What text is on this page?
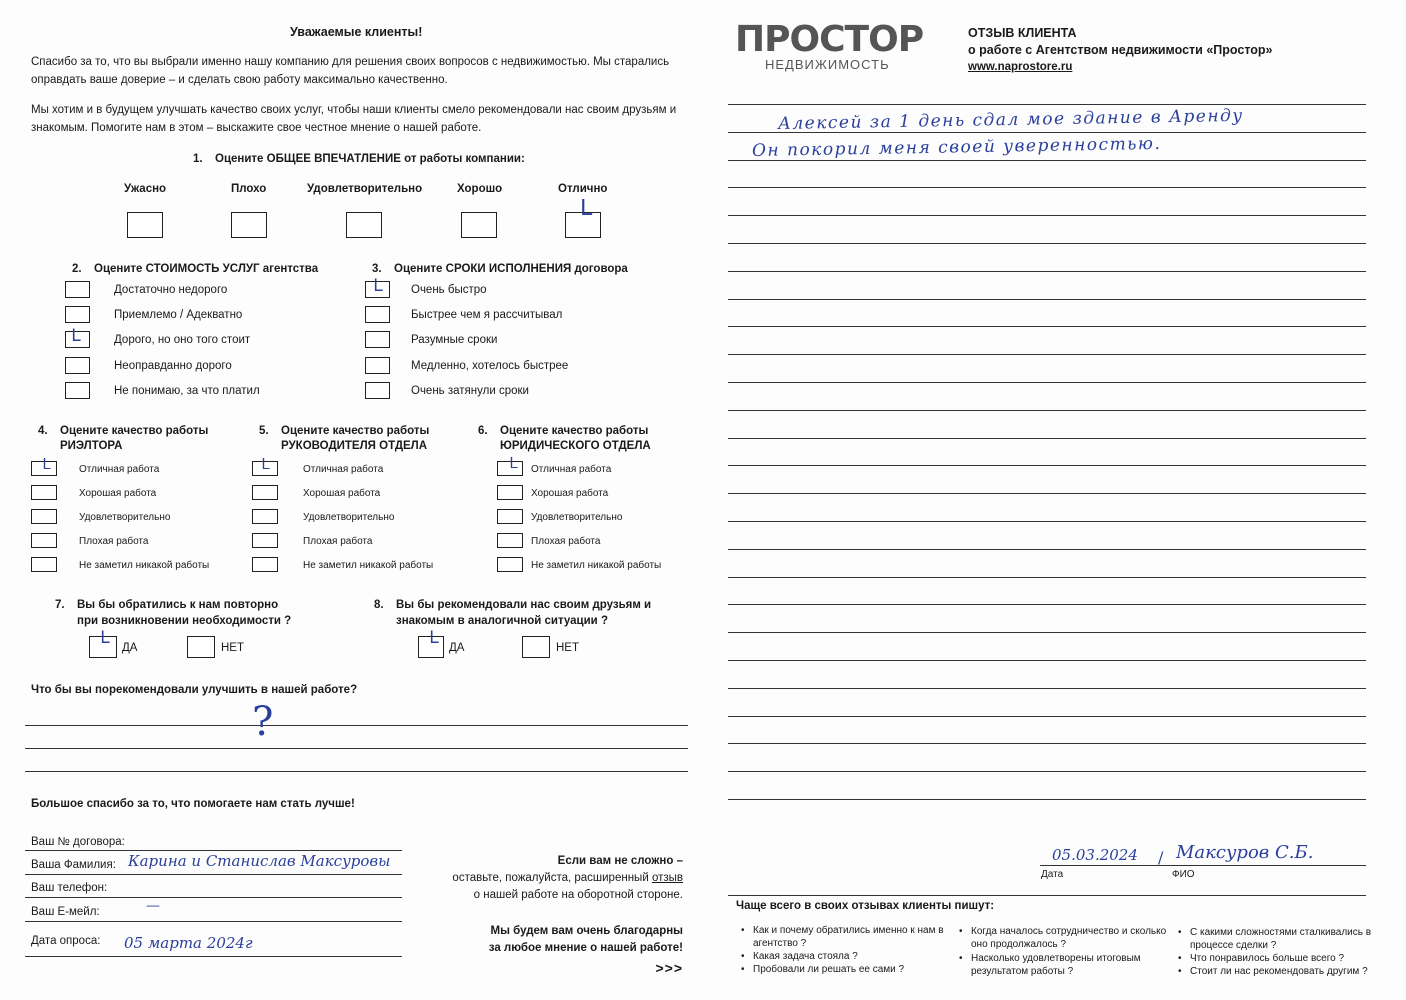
Уважаемые клиенты!
Спасибо за то, что вы выбрали именно нашу компанию для решения своих вопросов с недвижимостью. Мы старались
оправдать ваше доверие – и сделать свою работу максимально качественно.
Мы хотим и в будущем улучшать качество своих услуг, чтобы наши клиенты смело рекомендовали нас своим друзьям и
знакомым. Помогите нам в этом – выскажите свое честное мнение о нашей работе.
1. Оцените ОБЩЕЕ ВПЕЧАТЛЕНИЕ от работы компании:
Ужасно	Плохо	Удовлетворительно	Хорошо	Отлично
ᒪ
2. Оцените СТОИМОСТЬ УСЛУГ агентства
Ꮮ
Достаточно недорого
Приемлемо / Адекватно
Дорого, но оно того стоит
Неоправданно дорого
Не понимаю, за что платил
3. Оцените СРОКИ ИСПОЛНЕНИЯ договора
Ꮮ Очень быстро
Быстрее чем я рассчитывал
Разумные сроки
Медленно, хотелось быстрее
Очень затянули сроки
4. Оцените качество работы
РИЭЛТОРА
Ꮮ	Отличная работа
Хорошая работа
Удовлетворительно
Плохая работа
Не заметил никакой работы
5. Оцените качество работы
РУКОВОДИТЕЛЯ ОТДЕЛА
Ꮮ	Отличная работа
Хорошая работа
Удовлетворительно
Плохая работа
Не заметил никакой работы
6. Оцените качество работы
ЮРИДИЧЕСКОГО ОТДЕЛА
Ꮮ Отличная работа
Хорошая работа
Удовлетворительно
Плохая работа
Не заметил никакой работы
7. Вы бы обратились к нам повторно
при возникновении необходимости ?
Ꮮ ДА	НЕТ
8. Вы бы рекомендовали нас своим друзьям и
знакомым в аналогичной ситуации ?
Ꮮ ДА	НЕТ
Что бы вы порекомендовали улучшить в нашей работе?
?
Большое спасибо за то, что помогаете нам стать лучше!
Ваш № договора:
Ваша Фамилия: Карина и Станислав Максуровы
Ваш телефон:
Ваш Е-мейл:	—
Дата опроса: 05 марта 2024г
Если вам не сложно –
оставьте, пожалуйста, расширенный отзыв
о нашей работе на оборотной стороне.
Мы будем вам очень благодарны
за любое мнение о нашей работе!
>>>
ПРОСТОР
НЕДВИЖИМОСТЬ
ОТЗЫВ КЛИЕНТА
о работе с Агентством недвижимости «Простор»
www.naprostore.ru
Алексей за 1 день сдал мое здание в Аренду
Он покорил меня своей уверенностью.
05.03.2024 / Максуров С.Б.
Дата	ФИО
Чаще всего в своих отзывах клиенты пишут:
• Как и почему обратились именно к нам в
агентство ?
• Какая задача стояла ?
• Пробовали ли решать ее сами ?
• Когда началось сотрудничество и сколько
оно продолжалось ?
• Насколько удовлетворены итоговым
результатом работы ?
• С какими сложностями сталкивались в
процессе сделки ?
• Что понравилось больше всего ?
• Стоит ли нас рекомендовать другим ?
